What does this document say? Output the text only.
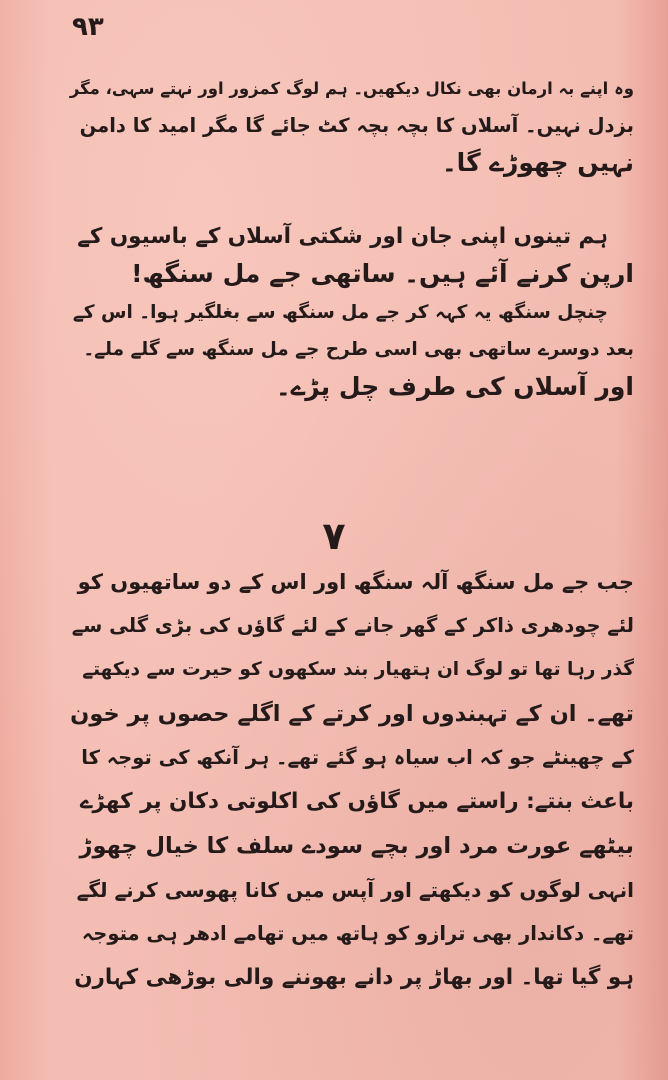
۹۳

وہ اپنے بہ ارمان بھی نکال دیکھیں۔ ہم لوگ کمزور اور نہتے سہی، مگر
بزدل نہیں۔ آسلاں کا بچہ بچہ کٹ جائے گا مگر امید کا دامن
نہیں چھوڑے گا۔

ہم تینوں اپنی جان اور شکتی آسلاں کے باسیوں کے
ارپن کرنے آئے ہیں۔ ساتھی جے مل سنگھ!

چنچل سنگھ یہ کہہ کر جے مل سنگھ سے بغلگیر ہوا۔ اس کے
بعد دوسرے ساتھی بھی اسی طرح جے مل سنگھ سے گلے ملے۔
اور آسلاں کی طرف چل پڑے۔

۷

جب جے مل سنگھ آلہ سنگھ اور اس کے دو ساتھیوں کو
لئے چودھری ذاکر کے گھر جانے کے لئے گاؤں کی بڑی گلی سے
گذر رہا تھا تو لوگ ان ہتھیار بند سکھوں کو حیرت سے دیکھتے
تھے۔ ان کے تہبندوں اور کرتے کے اگلے حصوں پر خون
کے چھینٹے جو کہ اب سیاہ ہو گئے تھے۔ ہر آنکھ کی توجہ کا
باعث بنتے: راستے میں گاؤں کی اکلوتی دکان پر کھڑے
بیٹھے عورت مرد اور بچے سودے سلف کا خیال چھوڑ
انہی لوگوں کو دیکھتے اور آپس میں کانا پھوسی کرنے لگے
تھے۔ دکاندار بھی ترازو کو ہاتھ میں تھامے ادھر ہی متوجہ
ہو گیا تھا۔ اور بھاڑ پر دانے بھوننے والی بوڑھی کہارن
